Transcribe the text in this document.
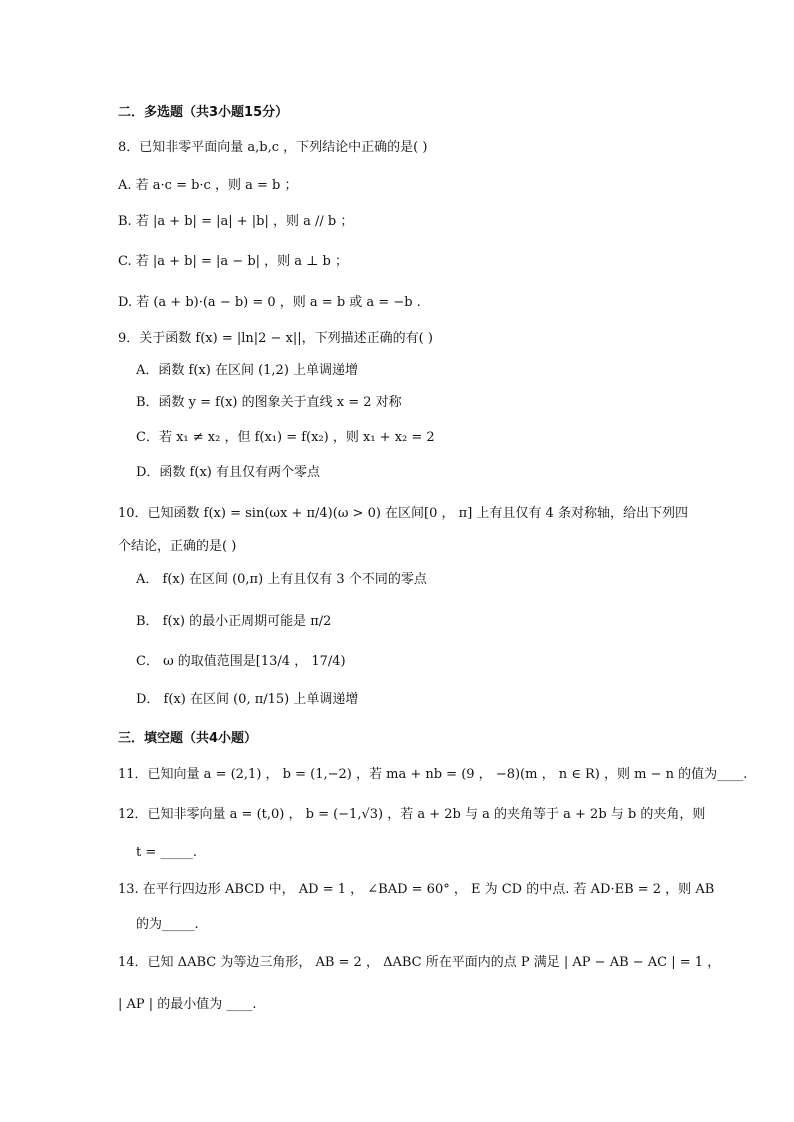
二．多选题（共3小题15分）
8．已知非零平面向量 a,b,c ，下列结论中正确的是( )
A. 若 a·c = b·c ，则 a = b ；
B. 若 |a + b| = |a| + |b| ，则 a // b ；
C. 若 |a + b| = |a − b| ，则 a ⊥ b ；
D. 若 (a + b)·(a − b) = 0 ，则 a = b 或 a = −b .
9．关于函数 f(x) = |ln|2 − x||，下列描述正确的有( )
A．函数 f(x) 在区间 (1,2) 上单调递增
B．函数 y = f(x) 的图象关于直线 x = 2 对称
C．若 x₁ ≠ x₂ ，但 f(x₁) = f(x₂) ，则 x₁ + x₂ = 2
D．函数 f(x) 有且仅有两个零点
10．已知函数 f(x) = sin(ωx + π/4)(ω > 0) 在区间[0 ， π] 上有且仅有 4 条对称轴，给出下列四
个结论，正确的是( )
A． f(x) 在区间 (0,π) 上有且仅有 3 个不同的零点
B． f(x) 的最小正周期可能是 π/2
C． ω 的取值范围是[13/4 ， 17/4)
D． f(x) 在区间 (0, π/15) 上单调递增
三．填空题（共4小题）
11．已知向量 a = (2,1) ， b = (1,−2) ，若 ma + nb = (9 ， −8)(m ， n ∈ R) ，则 m − n 的值为____.
12．已知非零向量 a = (t,0) ， b = (−1,√3) ，若 a + 2b 与 a 的夹角等于 a + 2b 与 b 的夹角，则
t = _____.
13. 在平行四边形 ABCD 中， AD = 1 ， ∠BAD = 60° ， E 为 CD 的中点. 若 AD·EB = 2 ，则 AB
的为_____.
14．已知 ΔABC 为等边三角形， AB = 2 ， ΔABC 所在平面内的点 P 满足 | AP − AB − AC | = 1 ，
| AP | 的最小值为 ____.
